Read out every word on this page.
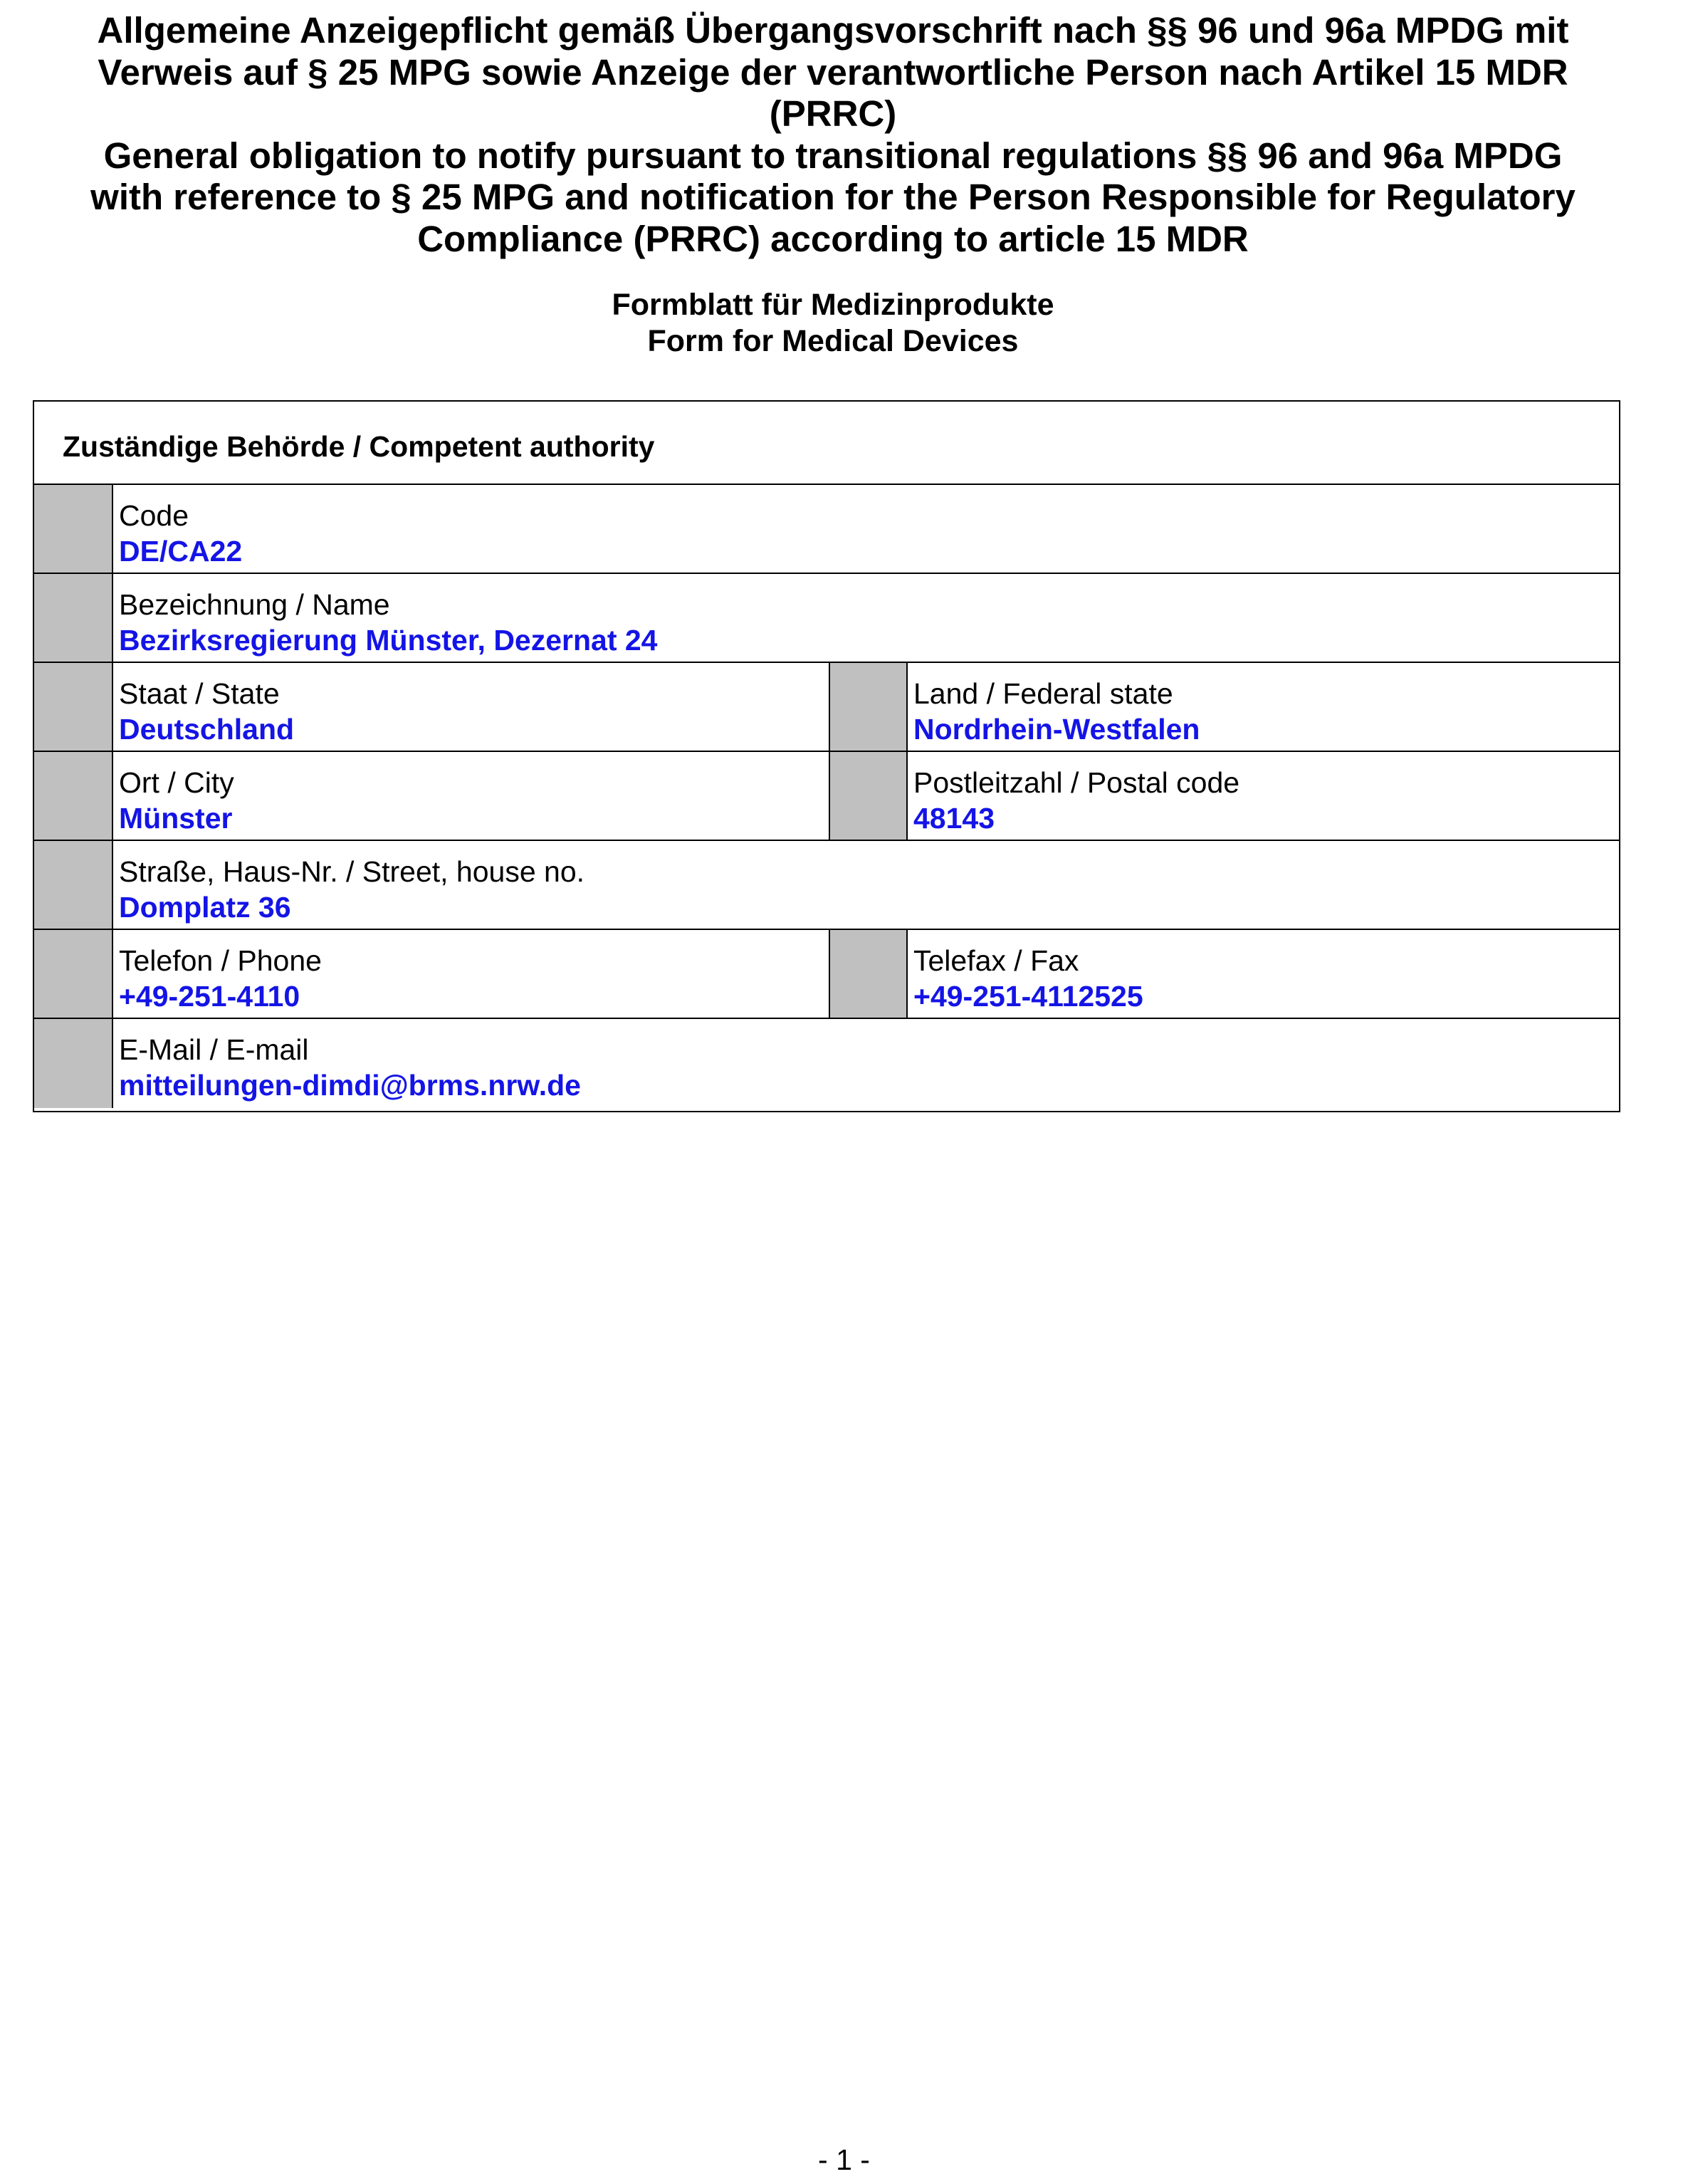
Allgemeine Anzeigepflicht gemäß Übergangsvorschrift nach §§ 96 und 96a MPDG mit
Verweis auf § 25 MPG sowie Anzeige der verantwortliche Person nach Artikel 15 MDR
(PRRC)
General obligation to notify pursuant to transitional regulations §§ 96 and 96a MPDG
with reference to § 25 MPG and notification for the Person Responsible for Regulatory
Compliance (PRRC) according to article 15 MDR
Formblatt für Medizinprodukte
Form for Medical Devices
Zuständige Behörde / Competent authority
Code
DE/CA22
Bezeichnung / Name
Bezirksregierung Münster, Dezernat 24
Staat / State
Deutschland
Land / Federal state
Nordrhein-Westfalen
Ort / City
Münster
Postleitzahl / Postal code
48143
Straße, Haus-Nr. / Street, house no.
Domplatz 36
Telefon / Phone
+49-251-4110
Telefax / Fax
+49-251-4112525
E-Mail / E-mail
mitteilungen-dimdi@brms.nrw.de
- 1 -
